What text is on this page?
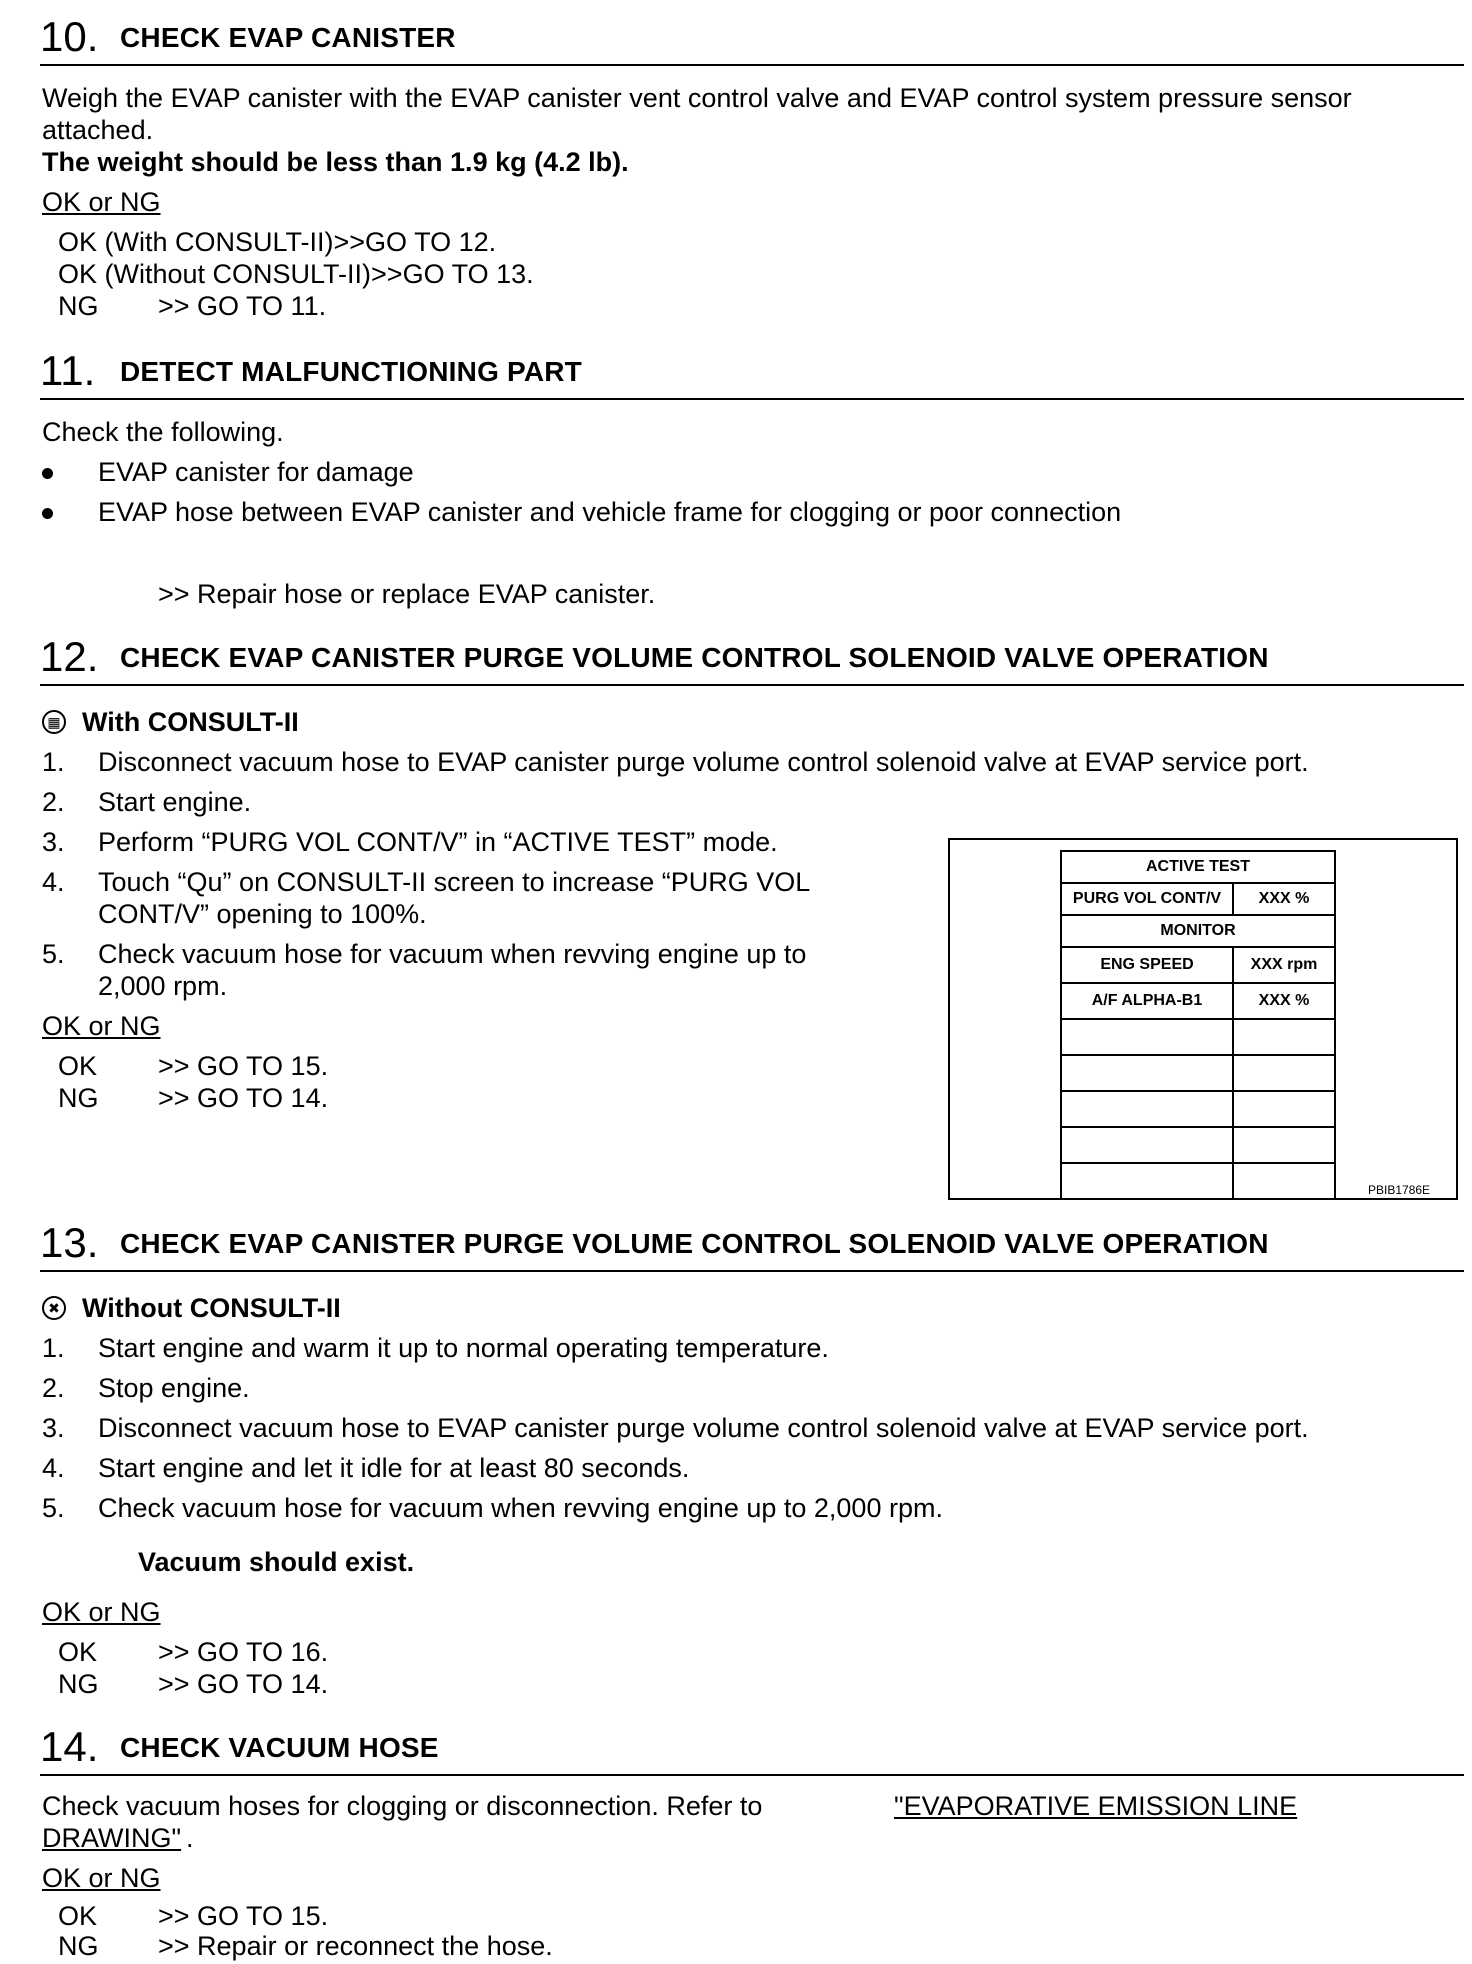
10. CHECK EVAP CANISTER
Weigh the EVAP canister with the EVAP canister vent control valve and EVAP control system pressure sensor
attached.
The weight should be less than 1.9 kg (4.2 lb).
OK or NG
OK (With CONSULT-II)>>GO TO 12.
OK (Without CONSULT-II)>>GO TO 13.
NG >> GO TO 11.
11. DETECT MALFUNCTIONING PART
Check the following.
EVAP canister for damage
EVAP hose between EVAP canister and vehicle frame for clogging or poor connection
>> Repair hose or replace EVAP canister.
12. CHECK EVAP CANISTER PURGE VOLUME CONTROL SOLENOID VALVE OPERATION
▦ With CONSULT-II
1. Disconnect vacuum hose to EVAP canister purge volume control solenoid valve at EVAP service port.
2. Start engine.
3. Perform “PURG VOL CONT/V” in “ACTIVE TEST” mode.
4. Touch “Qu” on CONSULT-II screen to increase “PURG VOL
CONT/V” opening to 100%.
5. Check vacuum hose for vacuum when revving engine up to
2,000 rpm.
OK or NG
OK >> GO TO 15.
NG >> GO TO 14.
ACTIVE TEST	
PURG VOL CONT/V	XXX %
MONITOR	
ENG SPEED	XXX rpm
A/F ALPHA-B1	XXX %

PBIB1786E
13. CHECK EVAP CANISTER PURGE VOLUME CONTROL SOLENOID VALVE OPERATION
✖ Without CONSULT-II
1. Start engine and warm it up to normal operating temperature.
2. Stop engine.
3. Disconnect vacuum hose to EVAP canister purge volume control solenoid valve at EVAP service port.
4. Start engine and let it idle for at least 80 seconds.
5. Check vacuum hose for vacuum when revving engine up to 2,000 rpm.
Vacuum should exist.
OK or NG
OK >> GO TO 16.
NG >> GO TO 14.
14. CHECK VACUUM HOSE
Check vacuum hoses for clogging or disconnection. Refer to	"EVAPORATIVE EMISSION LINE
DRAWING" .
OK or NG
OK >> GO TO 15.
NG >> Repair or reconnect the hose.
